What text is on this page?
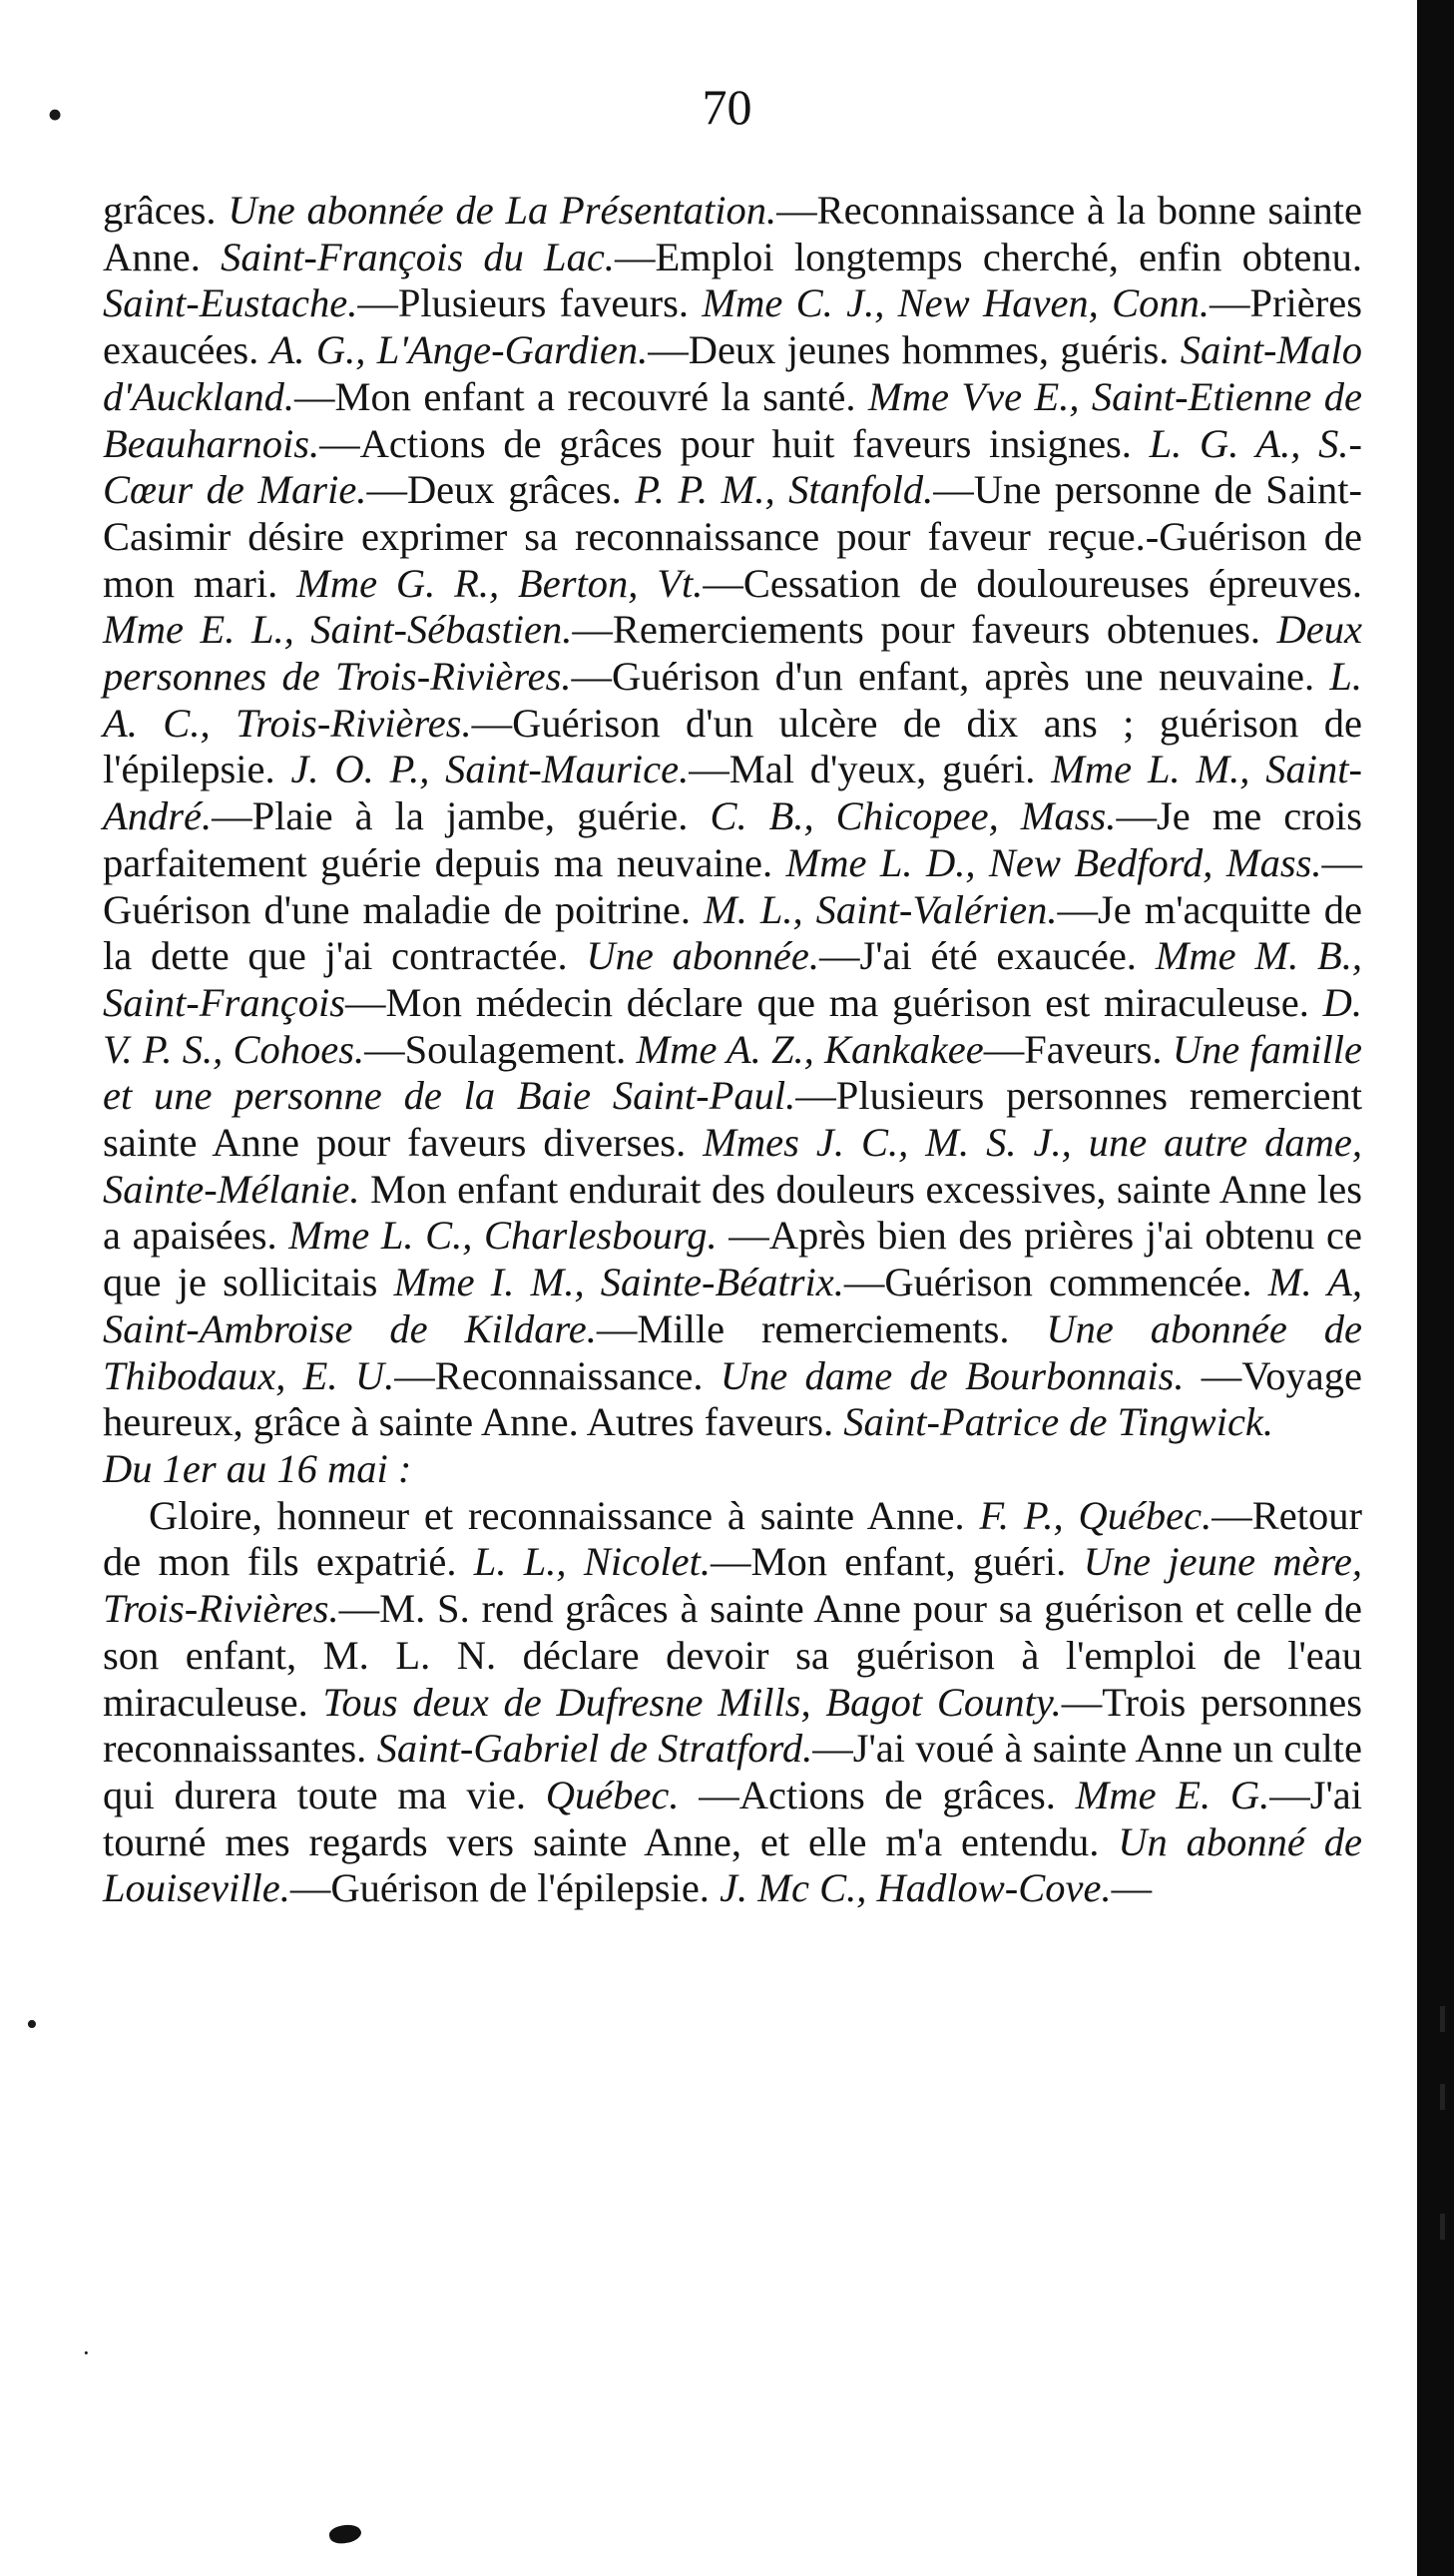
70
•
•
·

grâces. Une abonnée de La Présentation.—Reconnaissance à la bonne sainte Anne. Saint-François du Lac.—Emploi longtemps cherché, enfin obtenu. Saint-Eustache.—Plusieurs faveurs. Mme C. J., New Haven, Conn.—Prières exaucées. A. G., L'Ange-Gardien.—Deux jeunes hommes, guéris. Saint-Malo d'Auckland.—Mon enfant a recouvré la santé. Mme Vve E., Saint-Etienne de Beauharnois.—Actions de grâces pour huit faveurs insignes. L. G. A., S.-Cœur de Marie.—Deux grâces. P. P. M., Stanfold.—Une personne de Saint-Casimir désire exprimer sa reconnaissance pour faveur reçue.-Guérison de mon mari. Mme G. R., Berton, Vt.—Cessation de douloureuses épreuves. Mme E. L., Saint-Sébastien.—Remerciements pour faveurs obtenues. Deux personnes de Trois-Rivières.—Guérison d'un enfant, après une neuvaine. L. A. C., Trois-Rivières.—Guérison d'un ulcère de dix ans ; guérison de l'épilepsie. J. O. P., Saint-Maurice.—Mal d'yeux, guéri. Mme L. M., Saint-André.—Plaie à la jambe, guérie. C. B., Chicopee, Mass.—Je me crois parfaitement guérie depuis ma neuvaine. Mme L. D., New Bedford, Mass.—Guérison d'une maladie de poitrine. M. L., Saint-Valérien.—Je m'acquitte de la dette que j'ai contractée. Une abonnée.—J'ai été exaucée. Mme M. B., Saint-François—Mon médecin déclare que ma guérison est miraculeuse. D. V. P. S., Cohoes.—Soulagement. Mme A. Z., Kankakee—Faveurs. Une famille et une personne de la Baie Saint-Paul.—Plusieurs personnes remercient sainte Anne pour faveurs diverses. Mmes J. C., M. S. J., une autre dame, Sainte-Mélanie. Mon enfant endurait des douleurs excessives, sainte Anne les a apaisées. Mme L. C., Charlesbourg. —Après bien des prières j'ai obtenu ce que je sollicitais Mme I. M., Sainte-Béatrix.—Guérison commencée. M. A, Saint-Ambroise de Kildare.—Mille remerciements. Une abonnée de Thibodaux, E. U.—Reconnaissance. Une dame de Bourbonnais. —Voyage heureux, grâce à sainte Anne. Autres faveurs. Saint-Patrice de Tingwick.

Du 1er au 16 mai :

Gloire, honneur et reconnaissance à sainte Anne. F. P., Québec.—Retour de mon fils expatrié. L. L., Nicolet.—Mon enfant, guéri. Une jeune mère, Trois-Rivières.—M. S. rend grâces à sainte Anne pour sa guérison et celle de son enfant, M. L. N. déclare devoir sa guérison à l'emploi de l'eau miraculeuse. Tous deux de Dufresne Mills, Bagot County.—Trois personnes reconnaissantes. Saint-Gabriel de Stratford.—J'ai voué à sainte Anne un culte qui durera toute ma vie. Québec. —Actions de grâces. Mme E. G.—J'ai tourné mes regards vers sainte Anne, et elle m'a entendu. Un abonné de Louiseville.—Guérison de l'épilepsie. J. Mc C., Hadlow-Cove.—
